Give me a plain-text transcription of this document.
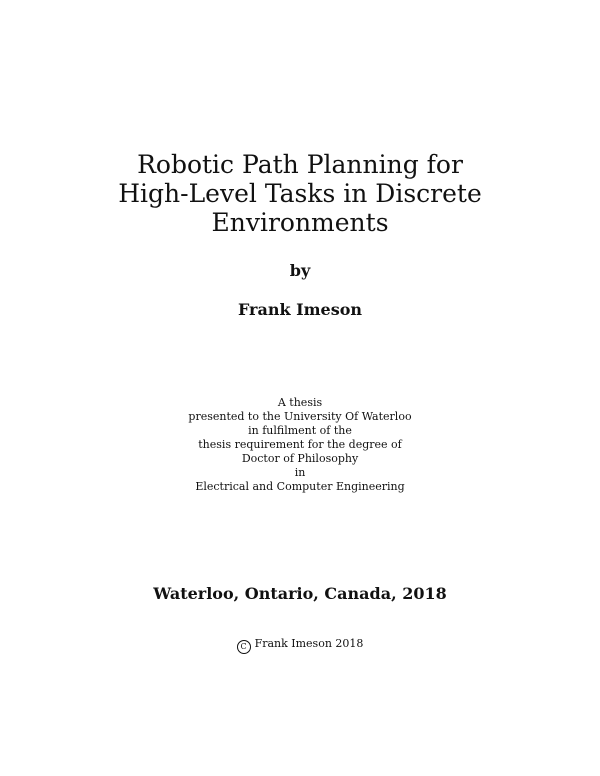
Robotic Path Planning for
High-Level Tasks in Discrete
Environments
by
Frank Imeson
A thesis
presented to the University Of Waterloo
in fulfilment of the
thesis requirement for the degree of
Doctor of Philosophy
in
Electrical and Computer Engineering
Waterloo, Ontario, Canada, 2018
C Frank Imeson 2018
